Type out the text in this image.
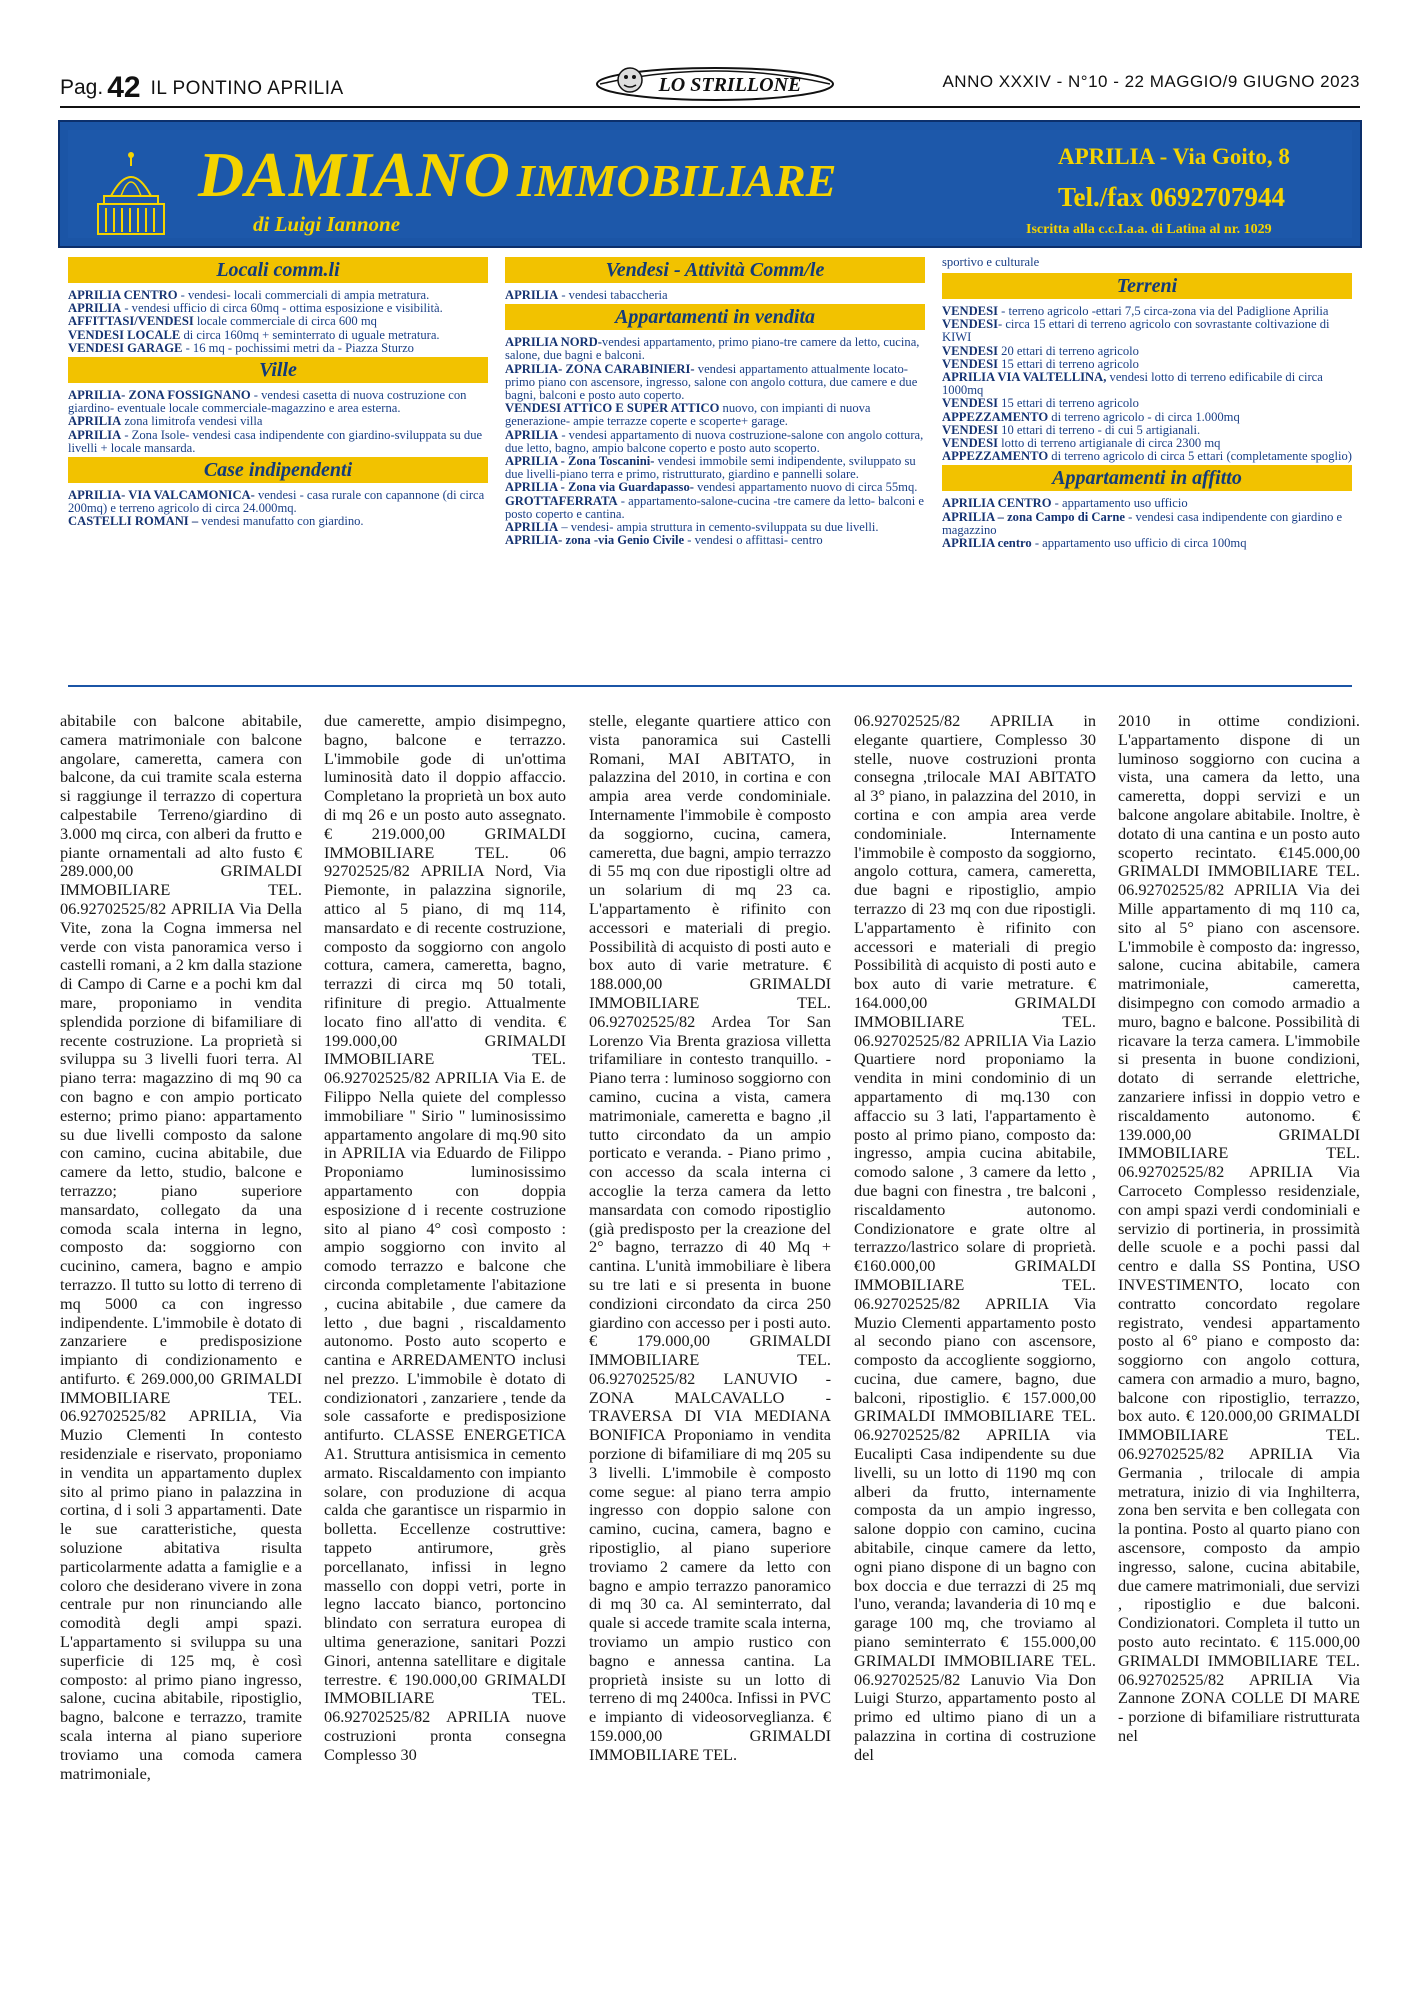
Pag. 42 IL PONTINO APRILIA	LO STRILLONE	ANNO XXXIV - N°10 - 22 MAGGIO/9 GIUGNO 2023
DAMIANO IMMOBILIARE
di Luigi Iannone
APRILIA - Via Goito, 8
Tel./fax 0692707944
Iscritta alla c.c.I.a.a. di Latina al nr. 1029
Locali comm.li

APRILIA CENTRO - vendesi- locali commerciali di ampia metratura.

APRILIA - vendesi ufficio di circa 60mq - ottima esposizione e visibilità.

AFFITTASI/VENDESI locale commerciale di circa 600 mq

VENDESI LOCALE di circa 160mq + seminterrato di uguale metratura.

VENDESI GARAGE - 16 mq - pochissimi metri da - Piazza Sturzo

Ville

APRILIA- ZONA FOSSIGNANO - vendesi casetta di nuova costruzione con giardino- eventuale locale commerciale-magazzino e area esterna.

APRILIA zona limitrofa vendesi villa

APRILIA - Zona Isole- vendesi casa indipendente con giardino-sviluppata su due livelli + locale mansarda.

Case indipendenti

APRILIA- VIA VALCAMONICA- vendesi - casa rurale con capannone (di circa 200mq) e terreno agricolo di circa 24.000mq.

CASTELLI ROMANI – vendesi manufatto con giardino.

Vendesi - Attività Comm/le

APRILIA - vendesi tabaccheria

Appartamenti in vendita

APRILIA NORD-vendesi appartamento, primo piano-tre camere da letto, cucina, salone, due bagni e balconi.

APRILIA- ZONA CARABINIERI- vendesi appartamento attualmente locato-primo piano con ascensore, ingresso, salone con angolo cottura, due camere e due bagni, balconi e posto auto coperto.

VENDESI ATTICO E SUPER ATTICO nuovo, con impianti di nuova generazione- ampie terrazze coperte e scoperte+ garage.

APRILIA - vendesi appartamento di nuova costruzione-salone con angolo cottura, due letto, bagno, ampio balcone coperto e posto auto scoperto.

APRILIA - Zona Toscanini- vendesi immobile semi indipendente, sviluppato su due livelli-piano terra e primo, ristrutturato, giardino e pannelli solare.

APRILIA - Zona via Guardapasso- vendesi appartamento nuovo di circa 55mq.

GROTTAFERRATA - appartamento-salone-cucina -tre camere da letto- balconi e posto coperto e cantina.

APRILIA – vendesi- ampia struttura in cemento-sviluppata su due livelli.

APRILIA- zona -via Genio Civile - vendesi o affittasi- centro

sportivo e culturale
Terreni

VENDESI - terreno agricolo -ettari 7,5 circa-zona via del Padiglione Aprilia

VENDESI- circa 15 ettari di terreno agricolo con sovrastante coltivazione di KIWI

VENDESI 20 ettari di terreno agricolo

VENDESI 15 ettari di terreno agricolo

APRILIA VIA VALTELLINA, vendesi lotto di terreno edificabile di circa 1000mq

VENDESI 15 ettari di terreno agricolo

APPEZZAMENTO di terreno agricolo - di circa 1.000mq

VENDESI 10 ettari di terreno - di cui 5 artigianali.

VENDESI lotto di terreno artigianale di circa 2300 mq

APPEZZAMENTO di terreno agricolo di circa 5 ettari (completamente spoglio)

Appartamenti in affitto

APRILIA CENTRO - appartamento uso ufficio

APRILIA – zona Campo di Carne - vendesi casa indipendente con giardino e magazzino

APRILIA centro - appartamento uso ufficio di circa 100mq

abitabile con balcone abitabile, camera matrimoniale con balcone angolare, cameretta, camera con balcone, da cui tramite scala esterna si raggiunge il terrazzo di copertura calpestabile Terreno/giardino di 3.000 mq circa, con alberi da frutto e piante ornamentali ad alto fusto € 289.000,00 GRIMALDI IMMOBILIARE TEL. 06.92702525/82 APRILIA Via Della Vite, zona la Cogna immersa nel verde con vista panoramica verso i castelli romani, a 2 km dalla stazione di Campo di Carne e a pochi km dal mare, proponiamo in vendita splendida porzione di bifamiliare di recente costruzione. La proprietà si sviluppa su 3 livelli fuori terra. Al piano terra: magazzino di mq 90 ca con bagno e con ampio porticato esterno; primo piano: appartamento su due livelli composto da salone con camino, cucina abitabile, due camere da letto, studio, balcone e terrazzo; piano superiore mansardato, collegato da una comoda scala interna in legno, composto da: soggiorno con cucinino, camera, bagno e ampio terrazzo. Il tutto su lotto di terreno di mq 5000 ca con ingresso indipendente. L'immobile è dotato di zanzariere e predisposizione impianto di condizionamento e antifurto. € 269.000,00 GRIMALDI IMMOBILIARE TEL. 06.92702525/82 APRILIA, Via Muzio Clementi In contesto residenziale e riservato, proponiamo in vendita un appartamento duplex sito al primo piano in palazzina in cortina, d i soli 3 appartamenti. Date le sue caratteristiche, questa soluzione abitativa risulta particolarmente adatta a famiglie e a coloro che desiderano vivere in zona centrale pur non rinunciando alle comodità degli ampi spazi. L'appartamento si sviluppa su una superficie di 125 mq, è così composto: al primo piano ingresso, salone, cucina abitabile, ripostiglio, bagno, balcone e terrazzo, tramite scala interna al piano superiore troviamo una comoda camera matrimoniale,

due camerette, ampio disimpegno, bagno, balcone e terrazzo. L'immobile gode di un'ottima luminosità dato il doppio affaccio. Completano la proprietà un box auto di mq 26 e un posto auto assegnato. € 219.000,00 GRIMALDI IMMOBILIARE TEL. 06 92702525/82 APRILIA Nord, Via Piemonte, in palazzina signorile, attico al 5 piano, di mq 114, mansardato e di recente costruzione, composto da soggiorno con angolo cottura, camera, cameretta, bagno, terrazzi di circa mq 50 totali, rifiniture di pregio. Attualmente locato fino all'atto di vendita. € 199.000,00 GRIMALDI IMMOBILIARE TEL. 06.92702525/82 APRILIA Via E. de Filippo Nella quiete del complesso immobiliare " Sirio " luminosissimo appartamento angolare di mq.90 sito in APRILIA via Eduardo de Filippo Proponiamo luminosissimo appartamento con doppia esposizione d i recente costruzione sito al piano 4° così composto : ampio soggiorno con invito al comodo terrazzo e balcone che circonda completamente l'abitazione , cucina abitabile , due camere da letto , due bagni , riscaldamento autonomo. Posto auto scoperto e cantina e ARREDAMENTO inclusi nel prezzo. L'immobile è dotato di condizionatori , zanzariere , tende da sole cassaforte e predisposizione antifurto. CLASSE ENERGETICA A1. Struttura antisismica in cemento armato. Riscaldamento con impianto solare, con produzione di acqua calda che garantisce un risparmio in bolletta. Eccellenze costruttive: tappeto antirumore, grès porcellanato, infissi in legno massello con doppi vetri, porte in legno laccato bianco, portoncino blindato con serratura europea di ultima generazione, sanitari Pozzi Ginori, antenna satellitare e digitale terrestre. € 190.000,00 GRIMALDI IMMOBILIARE TEL. 06.92702525/82 APRILIA nuove costruzioni pronta consegna Complesso 30

stelle, elegante quartiere attico con vista panoramica sui Castelli Romani, MAI ABITATO, in palazzina del 2010, in cortina e con ampia area verde condominiale. Internamente l'immobile è composto da soggiorno, cucina, camera, cameretta, due bagni, ampio terrazzo di 55 mq con due ripostigli oltre ad un solarium di mq 23 ca. L'appartamento è rifinito con accessori e materiali di pregio. Possibilità di acquisto di posti auto e box auto di varie metrature. € 188.000,00 GRIMALDI IMMOBILIARE TEL. 06.92702525/82 Ardea Tor San Lorenzo Via Brenta graziosa villetta trifamiliare in contesto tranquillo. - Piano terra : luminoso soggiorno con camino, cucina a vista, camera matrimoniale, cameretta e bagno ,il tutto circondato da un ampio porticato e veranda. - Piano primo , con accesso da scala interna ci accoglie la terza camera da letto mansardata con comodo ripostiglio (già predisposto per la creazione del 2° bagno, terrazzo di 40 Mq + cantina. L'unità immobiliare è libera su tre lati e si presenta in buone condizioni circondato da circa 250 giardino con accesso per i posti auto. € 179.000,00 GRIMALDI IMMOBILIARE TEL. 06.92702525/82 LANUVIO - ZONA MALCAVALLO - TRAVERSA DI VIA MEDIANA BONIFICA Proponiamo in vendita porzione di bifamiliare di mq 205 su 3 livelli. L'immobile è composto come segue: al piano terra ampio ingresso con doppio salone con camino, cucina, camera, bagno e ripostiglio, al piano superiore troviamo 2 camere da letto con bagno e ampio terrazzo panoramico di mq 30 ca. Al seminterrato, dal quale si accede tramite scala interna, troviamo un ampio rustico con bagno e annessa cantina. La proprietà insiste su un lotto di terreno di mq 2400ca. Infissi in PVC e impianto di videosorveglianza. € 159.000,00 GRIMALDI IMMOBILIARE TEL.

06.92702525/82 APRILIA in elegante quartiere, Complesso 30 stelle, nuove costruzioni pronta consegna ,trilocale MAI ABITATO al 3° piano, in palazzina del 2010, in cortina e con ampia area verde condominiale. Internamente l'immobile è composto da soggiorno, angolo cottura, camera, cameretta, due bagni e ripostiglio, ampio terrazzo di 23 mq con due ripostigli. L'appartamento è rifinito con accessori e materiali di pregio Possibilità di acquisto di posti auto e box auto di varie metrature. € 164.000,00 GRIMALDI IMMOBILIARE TEL. 06.92702525/82 APRILIA Via Lazio Quartiere nord proponiamo la vendita in mini condominio di un appartamento di mq.130 con affaccio su 3 lati, l'appartamento è posto al primo piano, composto da: ingresso, ampia cucina abitabile, comodo salone , 3 camere da letto , due bagni con finestra , tre balconi , riscaldamento autonomo. Condizionatore e grate oltre al terrazzo/lastrico solare di proprietà. €160.000,00 GRIMALDI IMMOBILIARE TEL. 06.92702525/82 APRILIA Via Muzio Clementi appartamento posto al secondo piano con ascensore, composto da accogliente soggiorno, cucina, due camere, bagno, due balconi, ripostiglio. € 157.000,00 GRIMALDI IMMOBILIARE TEL. 06.92702525/82 APRILIA via Eucalipti Casa indipendente su due livelli, su un lotto di 1190 mq con alberi da frutto, internamente composta da un ampio ingresso, salone doppio con camino, cucina abitabile, cinque camere da letto, ogni piano dispone di un bagno con box doccia e due terrazzi di 25 mq l'uno, veranda; lavanderia di 10 mq e garage 100 mq, che troviamo al piano seminterrato € 155.000,00 GRIMALDI IMMOBILIARE TEL. 06.92702525/82 Lanuvio Via Don Luigi Sturzo, appartamento posto al primo ed ultimo piano di un a palazzina in cortina di costruzione del

2010 in ottime condizioni. L'appartamento dispone di un luminoso soggiorno con cucina a vista, una camera da letto, una cameretta, doppi servizi e un balcone angolare abitabile. Inoltre, è dotato di una cantina e un posto auto scoperto recintato. €145.000,00 GRIMALDI IMMOBILIARE TEL. 06.92702525/82 APRILIA Via dei Mille appartamento di mq 110 ca, sito al 5° piano con ascensore. L'immobile è composto da: ingresso, salone, cucina abitabile, camera matrimoniale, cameretta, disimpegno con comodo armadio a muro, bagno e balcone. Possibilità di ricavare la terza camera. L'immobile si presenta in buone condizioni, dotato di serrande elettriche, zanzariere infissi in doppio vetro e riscaldamento autonomo. € 139.000,00 GRIMALDI IMMOBILIARE TEL. 06.92702525/82 APRILIA Via Carroceto Complesso residenziale, con ampi spazi verdi condominiali e servizio di portineria, in prossimità delle scuole e a pochi passi dal centro e dalla SS Pontina, USO INVESTIMENTO, locato con contratto concordato regolare registrato, vendesi appartamento posto al 6° piano e composto da: soggiorno con angolo cottura, camera con armadio a muro, bagno, balcone con ripostiglio, terrazzo, box auto. € 120.000,00 GRIMALDI IMMOBILIARE TEL. 06.92702525/82 APRILIA Via Germania , trilocale di ampia metratura, inizio di via Inghilterra, zona ben servita e ben collegata con la pontina. Posto al quarto piano con ascensore, composto da ampio ingresso, salone, cucina abitabile, due camere matrimoniali, due servizi , ripostiglio e due balconi. Condizionatori. Completa il tutto un posto auto recintato. € 115.000,00 GRIMALDI IMMOBILIARE TEL. 06.92702525/82 APRILIA Via Zannone ZONA COLLE DI MARE - porzione di bifamiliare ristrutturata nel
